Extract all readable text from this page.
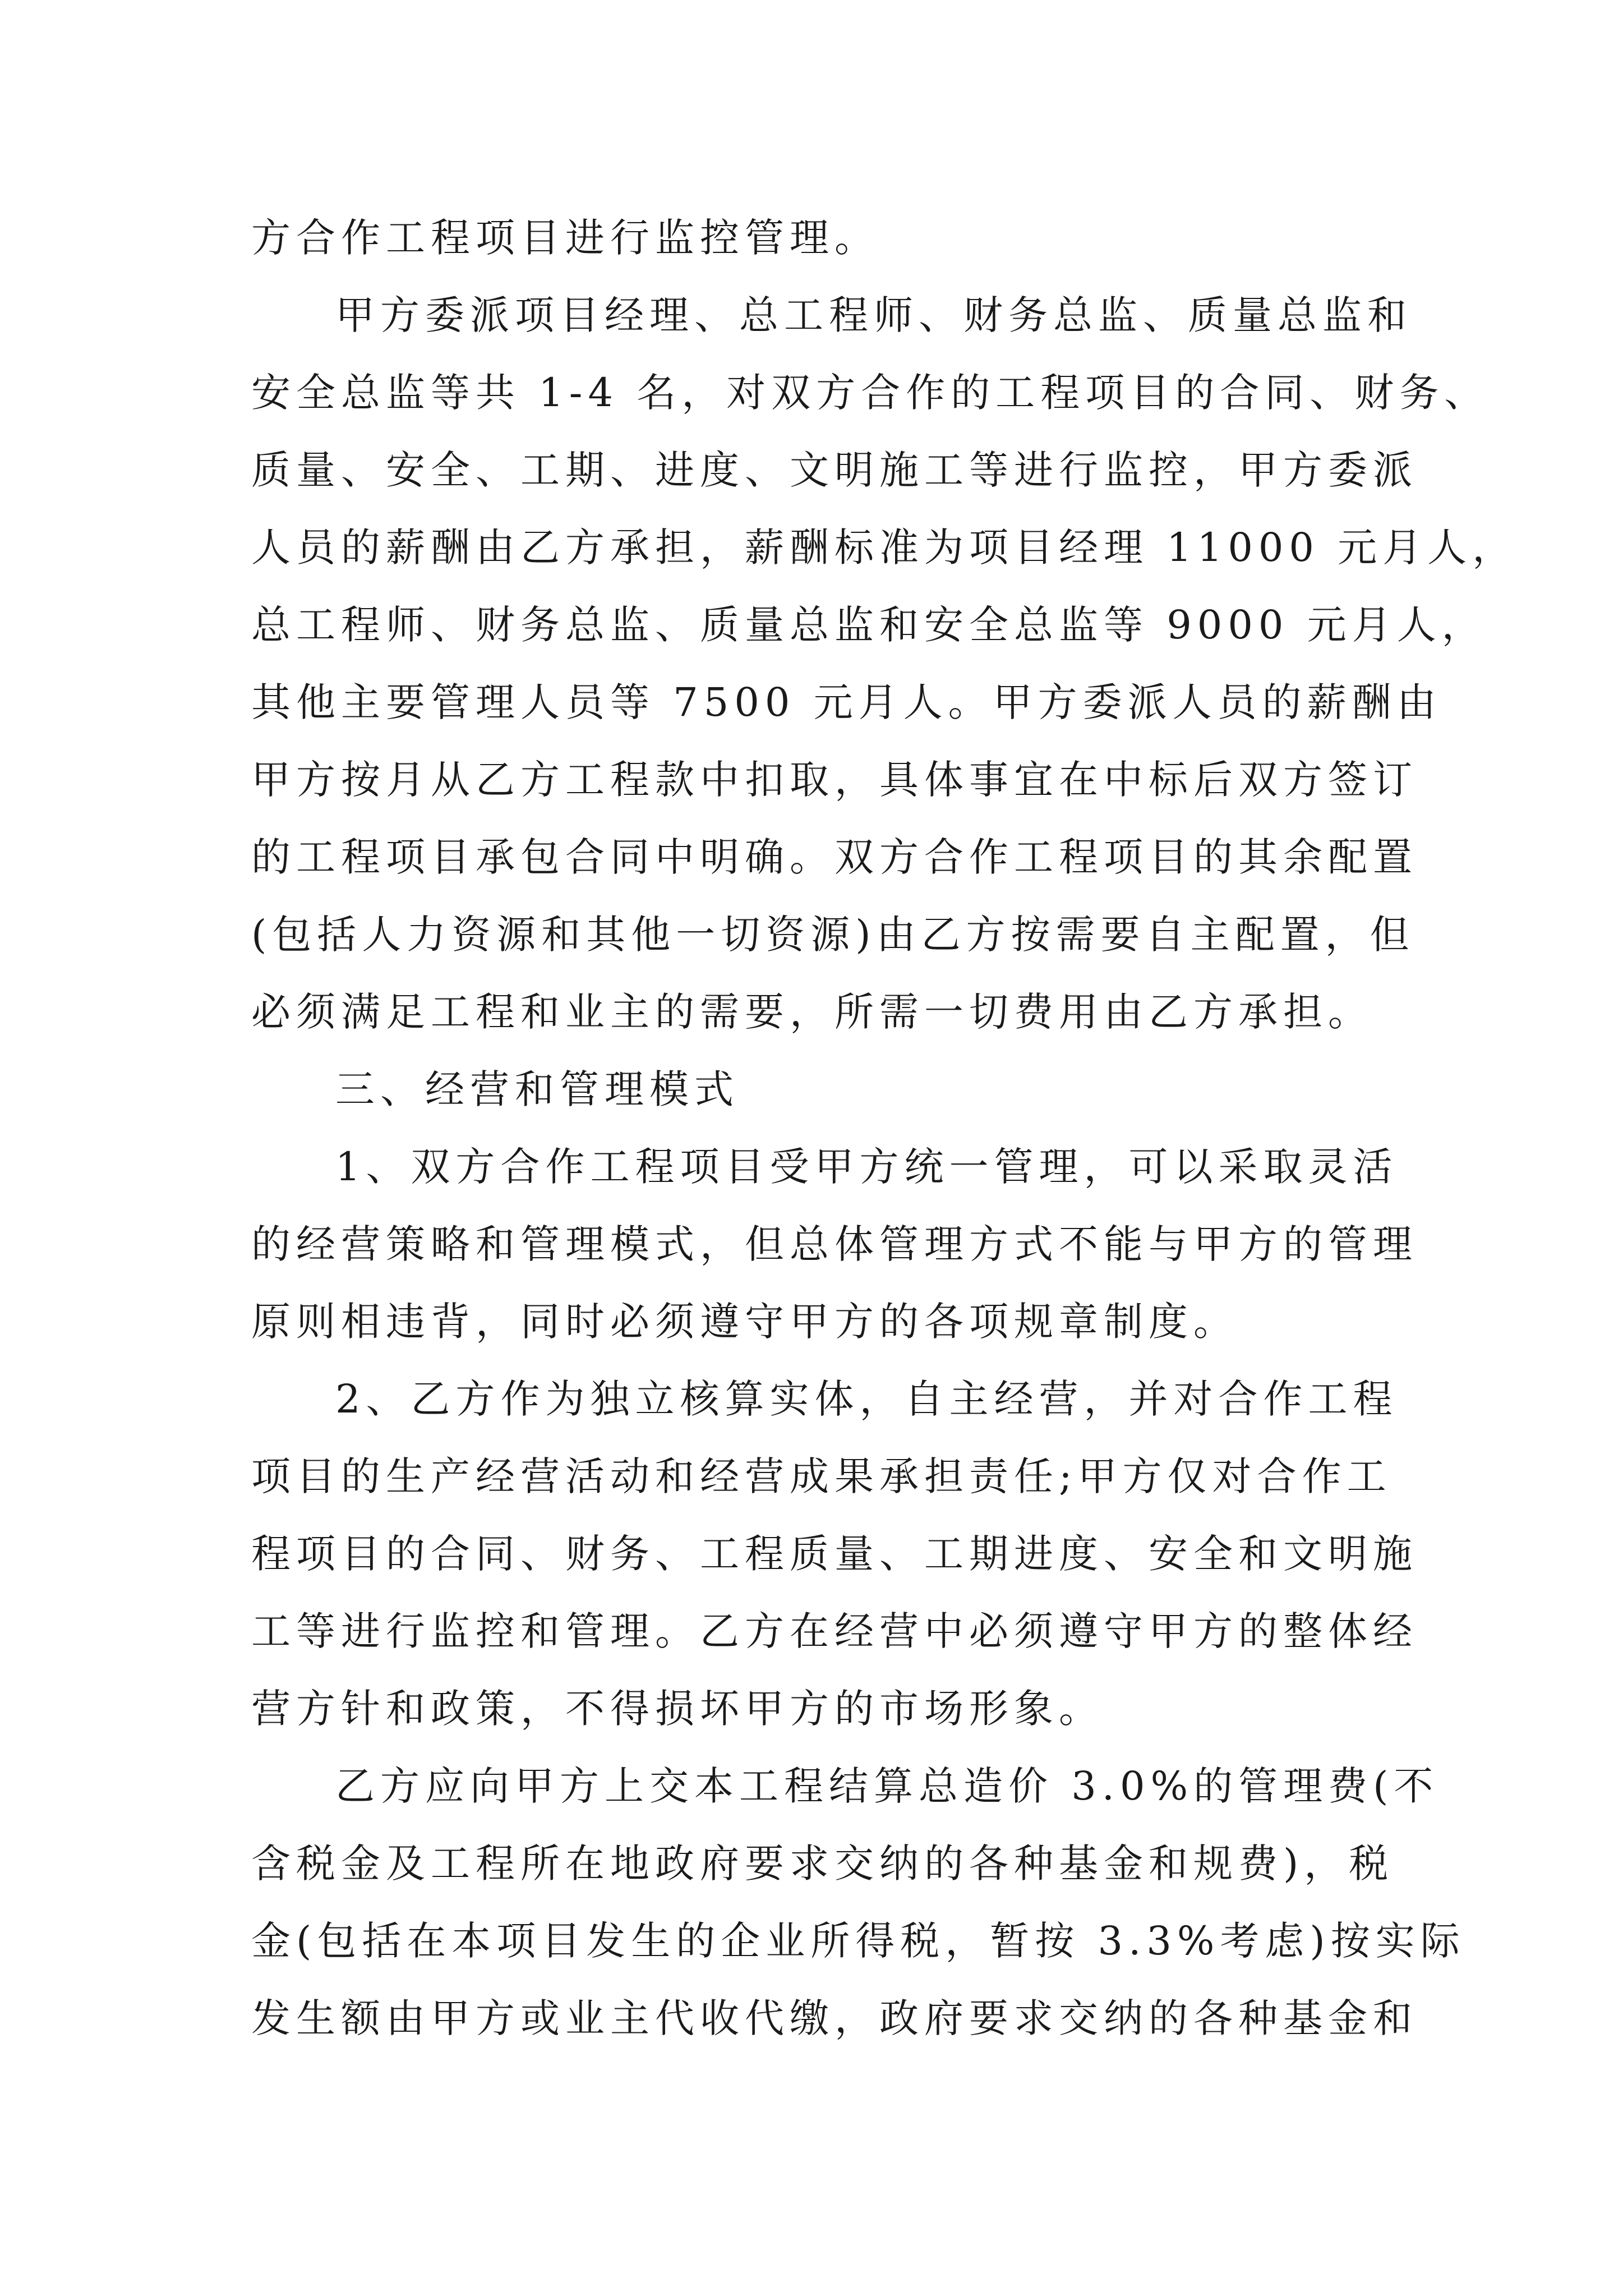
方合作工程项目进行监控管理。

甲方委派项目经理、总工程师、财务总监、质量总监和

安全总监等共 1-4 名，对双方合作的工程项目的合同、财务、

质量、安全、工期、进度、文明施工等进行监控，甲方委派

人员的薪酬由乙方承担，薪酬标准为项目经理 11000 元月人，

总工程师、财务总监、质量总监和安全总监等 9000 元月人，

其他主要管理人员等 7500 元月人。甲方委派人员的薪酬由

甲方按月从乙方工程款中扣取，具体事宜在中标后双方签订

的工程项目承包合同中明确。双方合作工程项目的其余配置

(包括人力资源和其他一切资源)由乙方按需要自主配置，但

必须满足工程和业主的需要，所需一切费用由乙方承担。

三、经营和管理模式

1、双方合作工程项目受甲方统一管理，可以采取灵活

的经营策略和管理模式，但总体管理方式不能与甲方的管理

原则相违背，同时必须遵守甲方的各项规章制度。

2、乙方作为独立核算实体，自主经营，并对合作工程

项目的生产经营活动和经营成果承担责任;甲方仅对合作工

程项目的合同、财务、工程质量、工期进度、安全和文明施

工等进行监控和管理。乙方在经营中必须遵守甲方的整体经

营方针和政策，不得损坏甲方的市场形象。

乙方应向甲方上交本工程结算总造价 3.0%的管理费(不

含税金及工程所在地政府要求交纳的各种基金和规费)，税

金(包括在本项目发生的企业所得税，暂按 3.3%考虑)按实际

发生额由甲方或业主代收代缴，政府要求交纳的各种基金和
